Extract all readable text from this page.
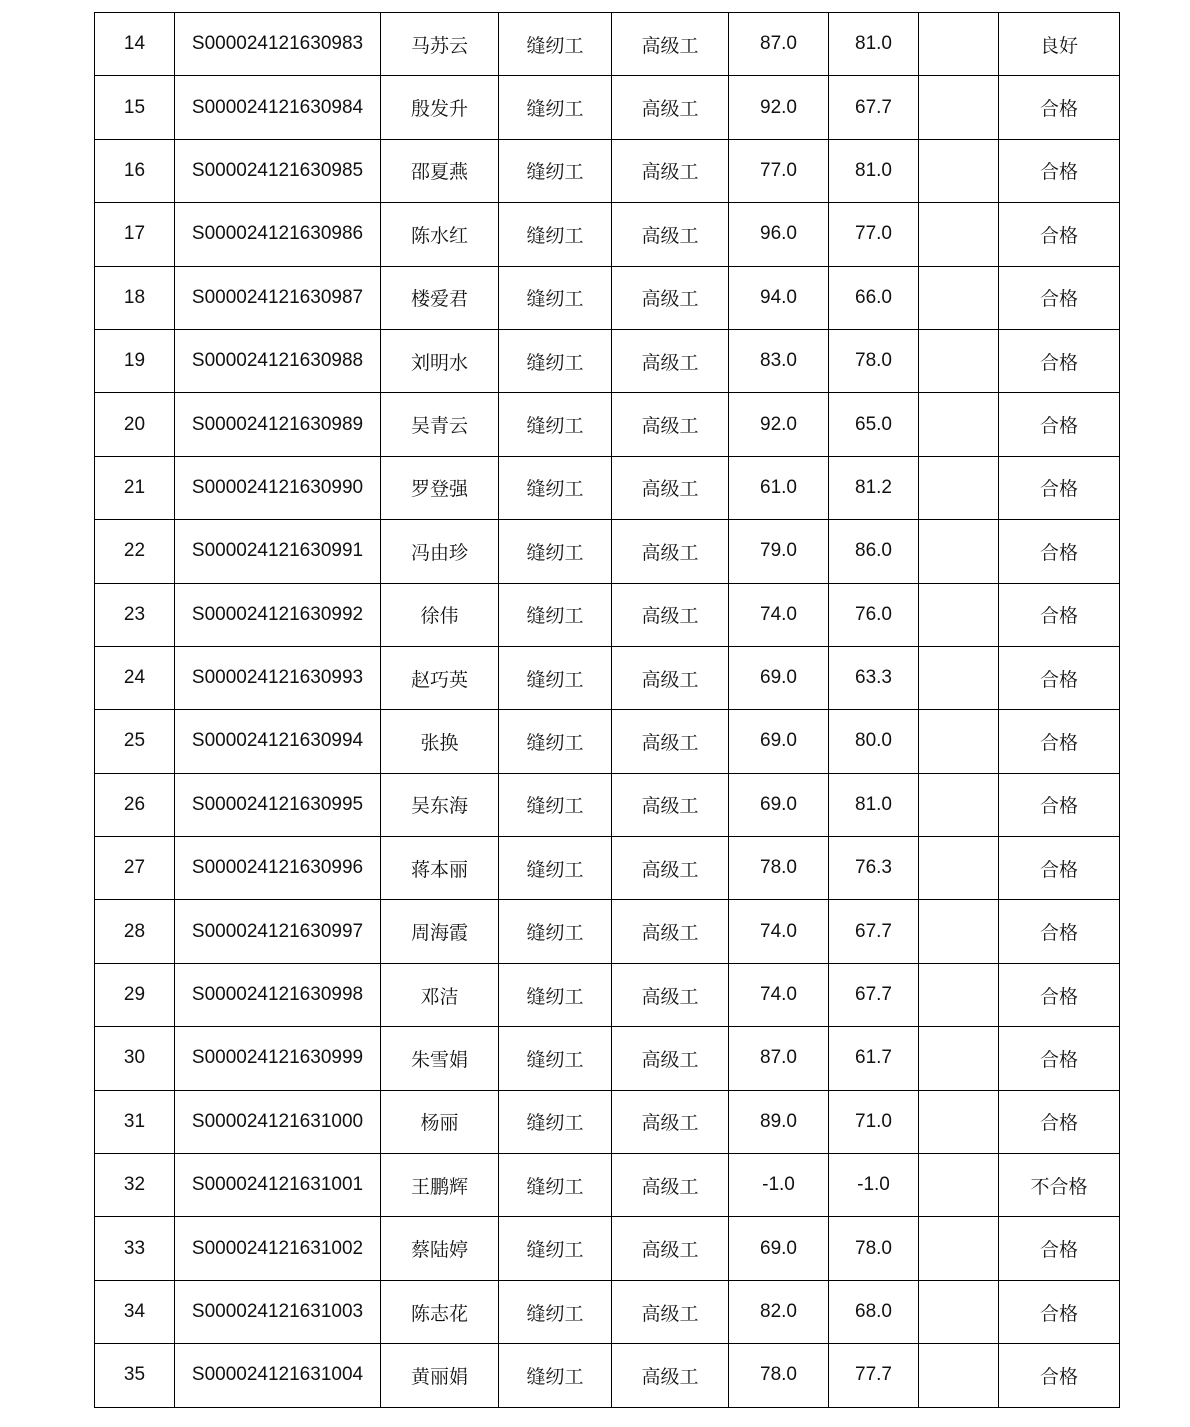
14	S000024121630983	马苏云	缝纫工	高级工	87.0	81.0		良好
15	S000024121630984	殷发升	缝纫工	高级工	92.0	67.7		合格
16	S000024121630985	邵夏燕	缝纫工	高级工	77.0	81.0		合格
17	S000024121630986	陈水红	缝纫工	高级工	96.0	77.0		合格
18	S000024121630987	楼爱君	缝纫工	高级工	94.0	66.0		合格
19	S000024121630988	刘明水	缝纫工	高级工	83.0	78.0		合格
20	S000024121630989	吴青云	缝纫工	高级工	92.0	65.0		合格
21	S000024121630990	罗登强	缝纫工	高级工	61.0	81.2		合格
22	S000024121630991	冯由珍	缝纫工	高级工	79.0	86.0		合格
23	S000024121630992	徐伟	缝纫工	高级工	74.0	76.0		合格
24	S000024121630993	赵巧英	缝纫工	高级工	69.0	63.3		合格
25	S000024121630994	张换	缝纫工	高级工	69.0	80.0		合格
26	S000024121630995	吴东海	缝纫工	高级工	69.0	81.0		合格
27	S000024121630996	蒋本丽	缝纫工	高级工	78.0	76.3		合格
28	S000024121630997	周海霞	缝纫工	高级工	74.0	67.7		合格
29	S000024121630998	邓洁	缝纫工	高级工	74.0	67.7		合格
30	S000024121630999	朱雪娟	缝纫工	高级工	87.0	61.7		合格
31	S000024121631000	杨丽	缝纫工	高级工	89.0	71.0		合格
32	S000024121631001	王鹏辉	缝纫工	高级工	-1.0	-1.0		不合格
33	S000024121631002	蔡陆婷	缝纫工	高级工	69.0	78.0		合格
34	S000024121631003	陈志花	缝纫工	高级工	82.0	68.0		合格
35	S000024121631004	黄丽娟	缝纫工	高级工	78.0	77.7		合格
